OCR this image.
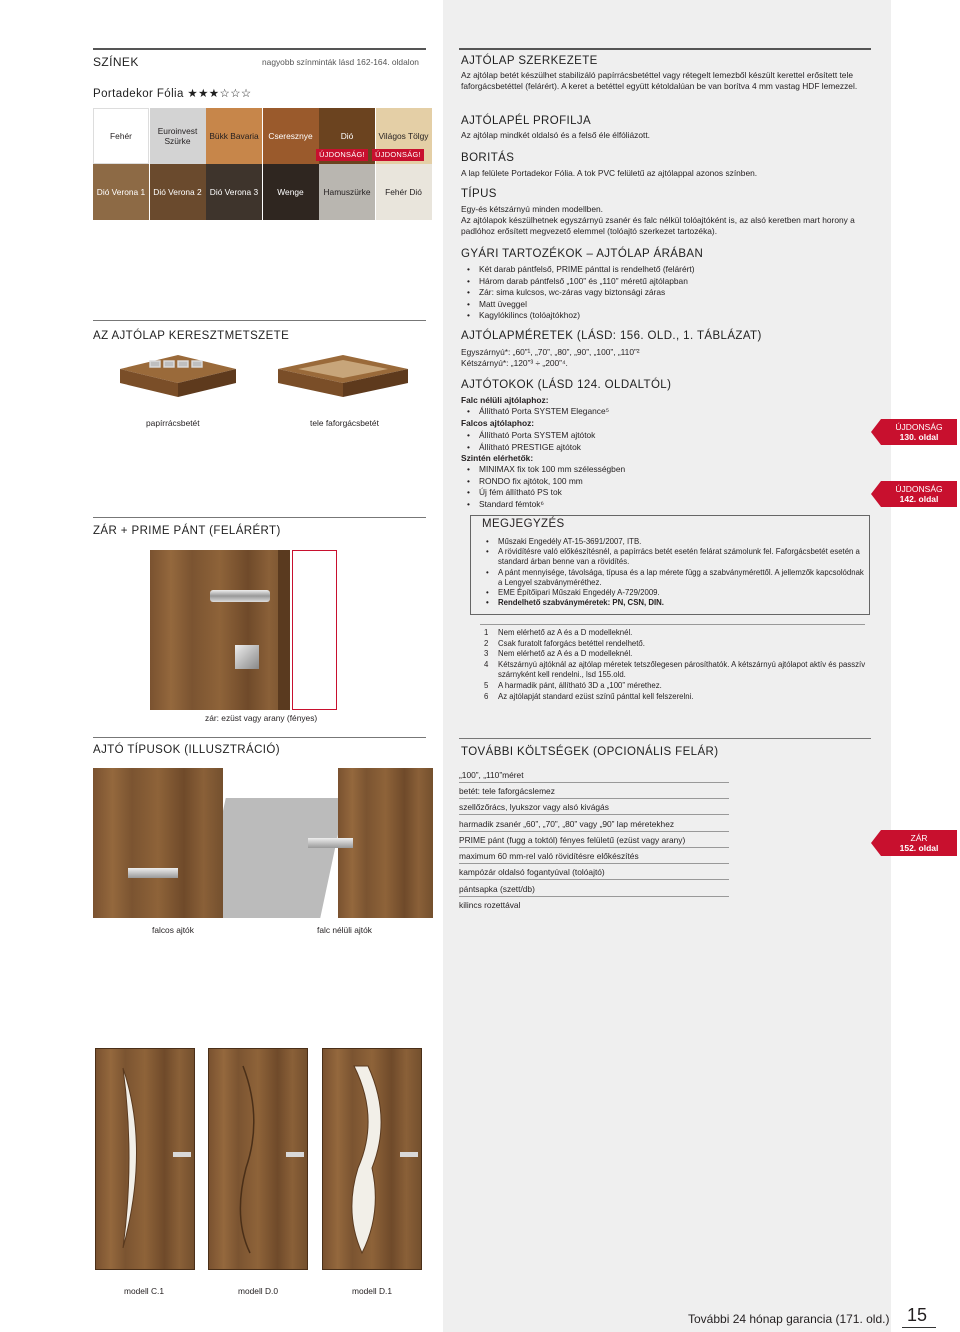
SZÍNEK	nagyobb színminták lásd 162-164. oldalon
Portadekor Fólia ★★★☆☆☆
Fehér	Euroinvest Szürke	Bükk Bavaria	Cseresznye	Dió	Világos Tölgy
ÚJDONSÁG!	ÚJDONSÁG!
Dió Verona 1 Dió Verona 2 Dió Verona 3	Wenge	Hamuszürke	Fehér Dió
AZ AJTÓLAP KERESZTMETSZETE
papírrácsbetét	tele faforgácsbetét
ZÁR + PRIME PÁNT (FELÁRÉRT)
zár: ezüst vagy arany (fényes)
AJTÓ TÍPUSOK (ILLUSZTRÁCIÓ)
falcos ajtók	falc nélüli ajtók
modell C.1	modell D.0	modell D.1
AJTÓLAP SZERKEZETE
Az ajtólap betét készülhet stabilizáló papírrácsbetéttel vagy rétegelt lemezből készült kerettel erősített tele faforgácsbetéttel (felárért). A keret a betéttel együtt kétoldalúan be van borítva 4 mm vastag HDF lemezzel.
AJTÓLAPÉL PROFILJA
Az ajtólap mindkét oldalsó és a felső éle élfóliázott.
BORITÁS
A lap felülete Portadekor Fólia. A tok PVC felületű az ajtólappal azonos színben.
TÍPUS
Egy-és kétszárnyú minden modellben.
Az ajtólapok készülhetnek egyszárnyú zsanér és falc nélkül tolóajtóként is, az alsó keretben mart horony a padlóhoz erősített megvezető elemmel (tolóajtó szerkezet tartozéka).
GYÁRI TARTOZÉKOK – AJTÓLAP ÁRÁBAN
• Két darab pántfelső, PRIME pánttal is rendelhető (felárért)
• Három darab pántfelső „100” és „110” méretű ajtólapban
• Zár: sima kulcsos, wc-záras vagy biztonsági záras
• Matt üveggel
• Kagylókilincs (tolóajtókhoz)
AJTÓLAPMÉRETEK (LÁSD: 156. OLD., 1. TÁBLÁZAT)
Egyszárnyú*: „60”¹, „70”, „80”, „90”, „100”, „110”²
Kétszárnyú*: „120”³ ÷ „200”⁴.
AJTÓTOKOK (LÁSD 124. OLDALTÓL)
Falc nélüli ajtólaphoz:
• Állítható Porta SYSTEM Elegance⁵
Falcos ajtólaphoz:
• Állítható Porta SYSTEM ajtótok
• Állítható PRESTIGE ajtótok
Szintén elérhetők:
• MINIMAX fix tok 100 mm szélességben
• RONDO fix ajtótok, 100 mm
• Új fém állítható PS tok
• Standard fémtok⁶
MEGJEGYZÉS
• Műszaki Engedély AT-15-3691/2007, ITB.
• A rövidítésre való előkészítésnél, a papírrács betét esetén felárat számolunk fel. Faforgácsbetét esetén a standard árban benne van a rövidítés.
• A pánt mennyisége, távolsága, típusa és a lap mérete függ a szabványmérettől. A jellemzők kapcsolódnak a Lengyel szabványméréthez.
• EME Építőipari Műszaki Engedély A-729/2009.
• Rendelhető szabványméretek: PN, CSN, DIN.
1	Nem elérhető az A és a D modelleknél.
2	Csak furatolt faforgács betéttel rendelhető.
3	Nem elérhető az A és a D modelleknél.
4	Kétszárnyú ajtóknál az ajtólap méretek tetszőlegesen párosíthatók. A kétszárnyú ajtólapot aktív és passzív szárnyként kell rendelni., lsd 155.old.
5	A harmadik pánt, állítható 3D a „100” mérethez.
6	Az ajtólapját standard ezüst színű pánttal kell felszerelni.
TOVÁBBI KÖLTSÉGEK (OPCIONÁLIS FELÁR)
„100”, „110”méret
betét: tele faforgácslemez
szellőzőrács, lyukszor vagy alsó kivágás
harmadik zsanér „60”, „70”, „80” vagy „90” lap méretekhez
PRIME pánt (fugg a toktól) fényes felületű (ezüst vagy arany)
maximum 60 mm-rel való rövidítésre előkészítés
kampózár oldalsó fogantyúval (tolóajtó)
pántsapka (szett/db)
kilincs rozettával
ÚJDONSÁG
130. oldal
ÚJDONSÁG
142. oldal
ZÁR
152. oldal
További 24 hónap garancia (171. old.) 15
